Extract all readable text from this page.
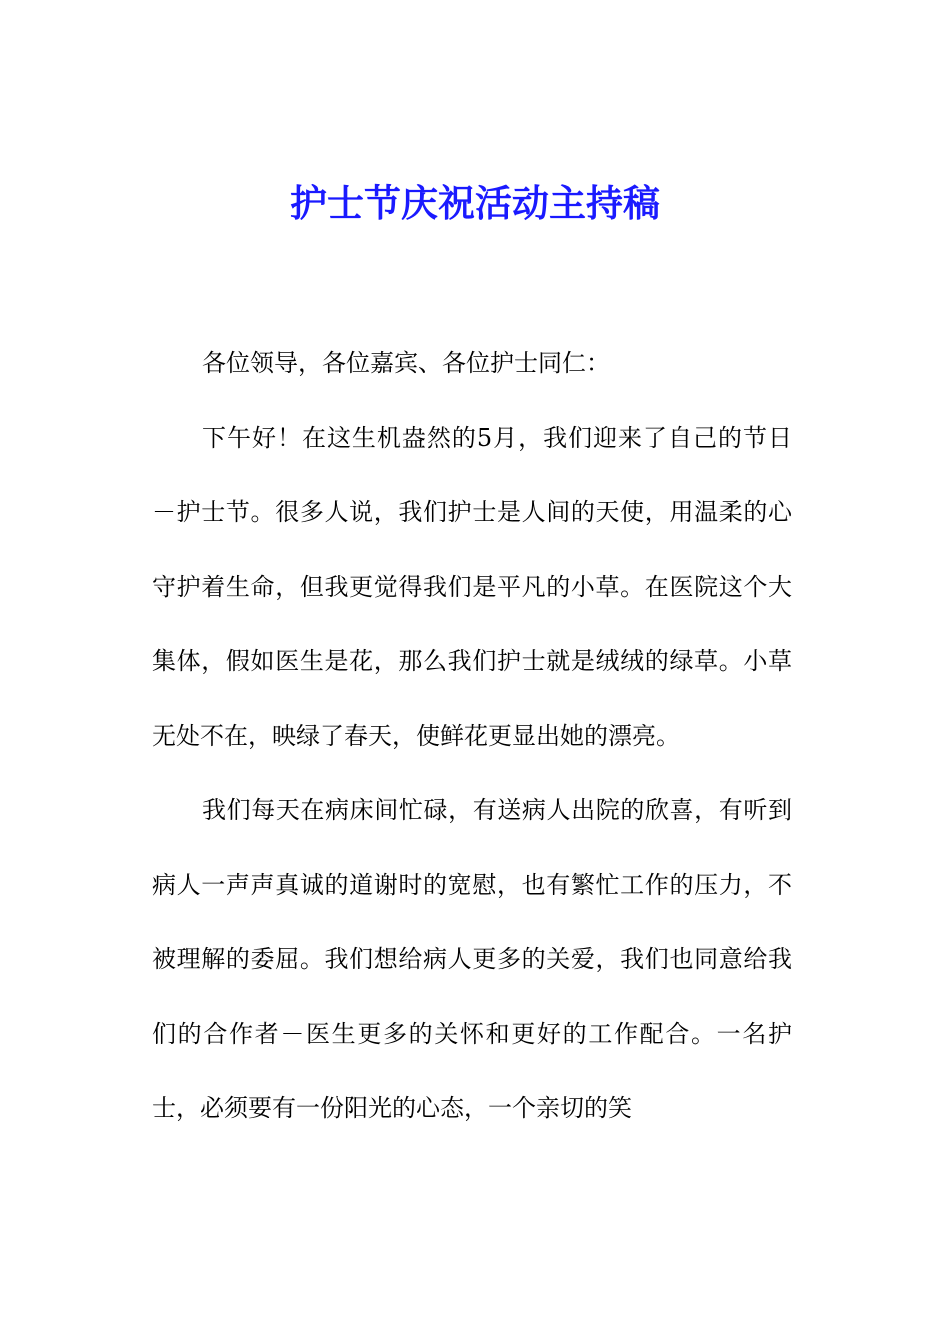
护士节庆祝活动主持稿

各位领导，各位嘉宾、各位护士同仁：

下午好！在这生机盎然的5月，我们迎来了自己的节日－护士节。很多人说，我们护士是人间的天使，用温柔的心守护着生命，但我更觉得我们是平凡的小草。在医院这个大集体，假如医生是花，那么我们护士就是绒绒的绿草。小草无处不在，映绿了春天，使鲜花更显出她的漂亮。

我们每天在病床间忙碌，有送病人出院的欣喜，有听到病人一声声真诚的道谢时的宽慰，也有繁忙工作的压力，不被理解的委屈。我们想给病人更多的关爱，我们也同意给我们的合作者－医生更多的关怀和更好的工作配合。一名护士，必须要有一份阳光的心态，一个亲切的笑
